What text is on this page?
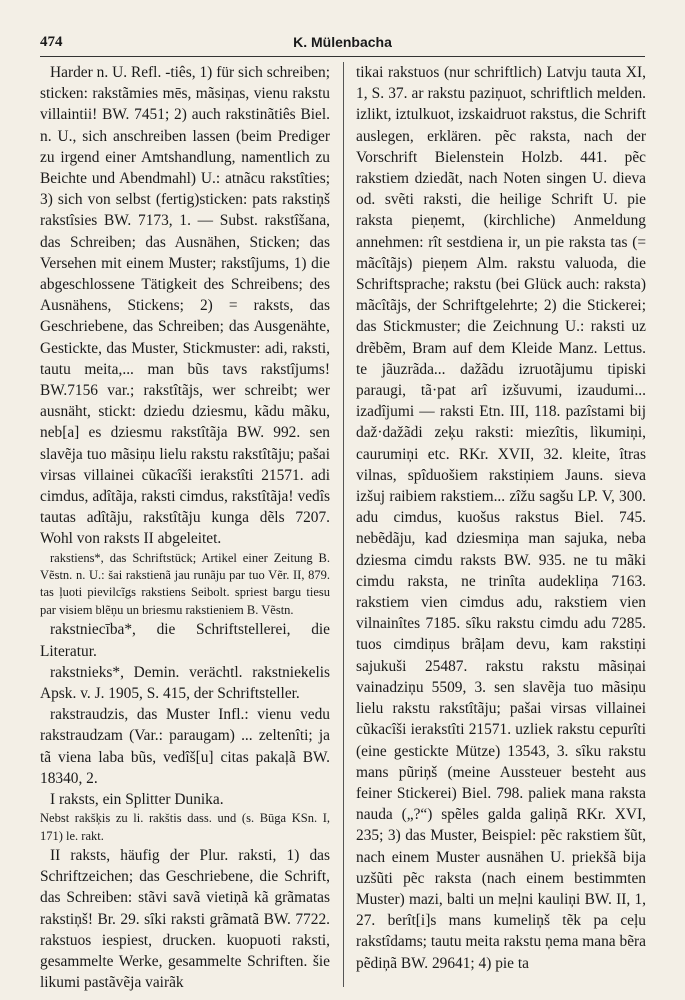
474	K. Mülenbacha

Harder n. U. Refl. -tiês, 1) für sich schreiben; sticken: rakstãmies mēs, mãsiņas, vienu rakstu villaintii! BW. 7451; 2) auch rakstinãtiês Biel. n. U., sich anschreiben lassen (beim Prediger zu irgend einer Amtshandlung, namentlich zu Beichte und Abendmahl) U.: atnãcu rakstîties; 3) sich von selbst (fertig)sticken: pats rakstiņš rakstîsies BW. 7173, 1. — Subst. rakstîšana, das Schreiben; das Ausnähen, Sticken; das Versehen mit einem Muster; rakstîjums, 1) die abgeschlossene Tätigkeit des Schreibens; des Ausnähens, Stickens; 2) = raksts, das Geschriebene, das Schreiben; das Ausgenähte, Gestickte, das Muster, Stickmuster: adi, raksti, tautu meita,... man bũs tavs rakstîjums! BW.7156 var.; rakstîtãjs, wer schreibt; wer ausnäht, stickt: dziedu dziesmu, kãdu mãku, neb[a] es dziesmu rakstîtãja BW. 992. sen slavẽja tuo mãsiņu lielu rakstu rakstîtãju; pašai virsas villainei cũkacîši ierakstîti 21571. adi cimdus, adîtãja, raksti cimdus, rakstîtãja! vedîs tautas adîtãju, rakstîtãju kunga dẽls 7207. Wohl von raksts II abgeleitet.

rakstiens*, das Schriftstück; Artikel einer Zeitung B. Vẽstn. n. U.: šai rakstienã jau runãju par tuo Vẽr. II, 879. tas ļuoti pievilcĩgs rakstiens Seibolt. spriest bargu tiesu par visiem blẽņu un briesmu rakstieniem B. Vẽstn.

rakstniecība*, die Schriftstellerei, die Literatur.

rakstnieks*, Demin. verächtl. rakstniekelis Apsk. v. J. 1905, S. 415, der Schriftsteller.

rakstraudzis, das Muster Infl.: vienu vedu rakstraudzam (Var.: paraugam) ... zeltenîti; ja tã viena laba bũs, vedîš[u] citas pakaļã BW. 18340, 2.

I raksts, ein Splitter Dunika.

Nebst rakšķis zu li. rakštis dass. und (s. Būga KSn. I, 171) le. rakt.

II raksts, häufig der Plur. raksti, 1) das Schriftzeichen; das Geschriebene, die Schrift, das Schreiben: stãvi savã vietiņã kã grãmatas rakstiņš! Br. 29. sîki raksti grãmatã BW. 7722. rakstuos iespiest, drucken. kuopuoti raksti, gesammelte Werke, gesammelte Schriften. šie likumi pastãvẽja vairãk

tikai rakstuos (nur schriftlich) Latvju tauta XI, 1, S. 37. ar rakstu paziņuot, schriftlich melden. izlikt, iztulkuot, izskaidruot rakstus, die Schrift auslegen, erklären. pẽc raksta, nach der Vorschrift Bielenstein Holzb. 441. pẽc rakstiem dziedãt, nach Noten singen U. dieva od. svẽti raksti, die heilige Schrift U. pie raksta pieņemt, (kirchliche) Anmeldung annehmen: rît sestdiena ir, un pie raksta tas (= mãcîtãjs) pieņem Alm. rakstu valuoda, die Schriftsprache; rakstu (bei Glück auch: raksta) mãcîtãjs, der Schriftgelehrte; 2) die Stickerei; das Stickmuster; die Zeichnung U.: raksti uz drẽbẽm, Bram auf dem Kleide Manz. Lettus. te jãuzrãda... dažãdu izruotãjumu tipiski paraugi, tã·pat arî izšuvumi, izaudumi... izadîjumi — raksti Etn. III, 118. pazîstami bij daž·dažãdi zeķu raksti: miezîtis, lìkumiņi, caurumiņi etc. RKr. XVII, 32. kleite, îtras vilnas, spîduošiem rakstiņiem Jauns. sieva izšuj raibiem rakstiem... zîžu sagšu LP. V, 300. adu cimdus, kuošus rakstus Biel. 745. nebẽdãju, kad dziesmiņa man sajuka, neba dziesma cimdu raksts BW. 935. ne tu mãki cimdu raksta, ne trinîta audekliņa 7163. rakstiem vien cimdus adu, rakstiem vien vilnainîtes 7185. sîku rakstu cimdu adu 7285. tuos cimdiņus brãļam devu, kam rakstiņi sajukuši 25487. rakstu rakstu mãsiņai vainadziņu 5509, 3. sen slavẽja tuo mãsiņu lielu rakstu rakstîtãju; pašai virsas villainei cũkacîši ierakstîti 21571. uzliek rakstu cepurîti (eine gestickte Mütze) 13543, 3. sîku rakstu mans pũriņš (meine Aussteuer besteht aus feiner Stickerei) Biel. 798. paliek mana raksta nauda („?“) spẽles galda galiņã RKr. XVI, 235; 3) das Muster, Beispiel: pẽc rakstiem šũt, nach einem Muster ausnähen U. priekšã bija uzšũti pẽc raksta (nach einem bestimmten Muster) mazi, balti un meļni kauliņi BW. II, 1, 27. berît[i]s mans kumeliņš tẽk pa ceļu rakstîdams; tautu meita rakstu ņema mana bẽra pẽdiņã BW. 29641; 4) pie ta
